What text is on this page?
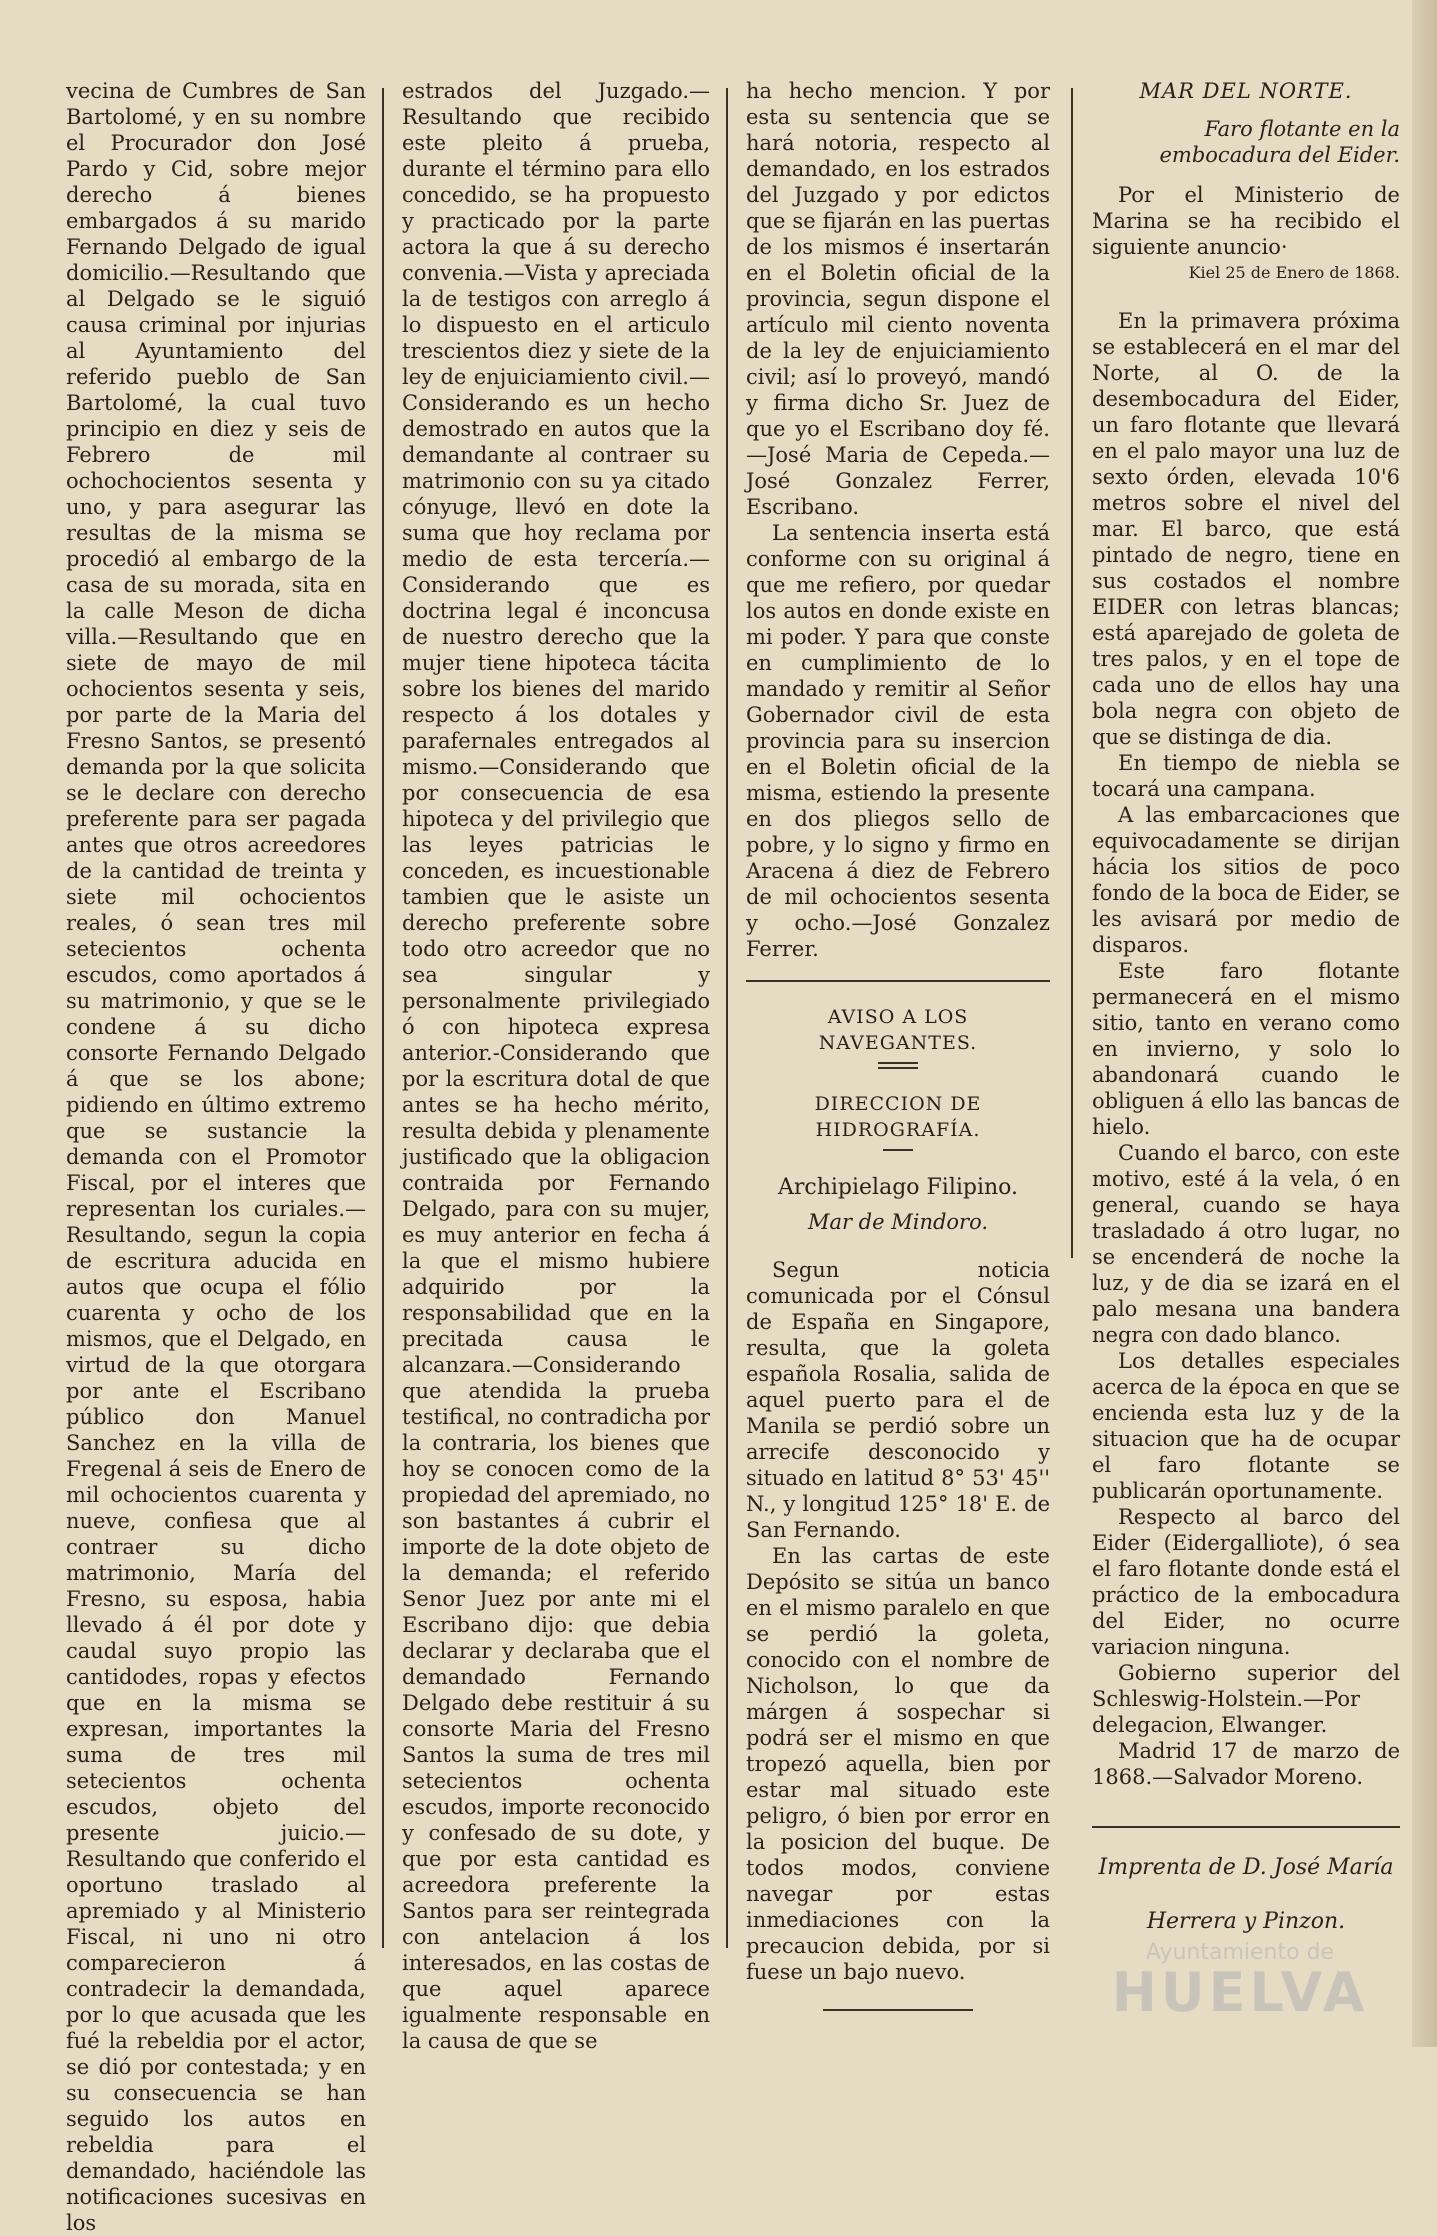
vecina de Cumbres de San Bartolomé, y en su nombre el Procurador don José Pardo y Cid, sobre mejor derecho á bienes embargados á su marido Fernando Delgado de igual domicilio.—Resultando que al Delgado se le siguió causa criminal por injurias al Ayuntamiento del referido pueblo de San Bartolomé, la cual tuvo principio en diez y seis de Febrero de mil ochochocientos sesenta y uno, y para asegurar las resultas de la misma se procedió al embargo de la casa de su morada, sita en la calle Meson de dicha villa.—Resultando que en siete de mayo de mil ochocientos sesenta y seis, por parte de la Maria del Fresno Santos, se presentó demanda por la que solicita se le declare con derecho preferente para ser pagada antes que otros acreedores de la cantidad de treinta y siete mil ochocientos reales, ó sean tres mil setecientos ochenta escudos, como aportados á su matrimonio, y que se le condene á su dicho consorte Fernando Delgado á que se los abone; pidiendo en último extremo que se sustancie la demanda con el Promotor Fiscal, por el interes que representan los curiales.—Resultando, segun la copia de escritura aducida en autos que ocupa el fólio cuarenta y ocho de los mismos, que el Delgado, en virtud de la que otorgara por ante el Escribano público don Manuel Sanchez en la villa de Fregenal á seis de Enero de mil ochocientos cuarenta y nueve, confiesa que al contraer su dicho matrimonio, María del Fresno, su esposa, habia llevado á él por dote y caudal suyo propio las cantidodes, ropas y efectos que en la misma se expresan, importantes la suma de tres mil setecientos ochenta escudos, objeto del presente juicio.—Resultando que conferido el oportuno traslado al apremiado y al Ministerio Fiscal, ni uno ni otro comparecieron á contradecir la demandada, por lo que acusada que les fué la rebeldia por el actor, se dió por contestada; y en su consecuencia se han seguido los autos en rebeldia para el demandado, haciéndole las notificaciones sucesivas en los

estrados del Juzgado.—Resultando que recibido este pleito á prueba, durante el término para ello concedido, se ha propuesto y practicado por la parte actora la que á su derecho convenia.—Vista y apreciada la de testigos con arreglo á lo dispuesto en el articulo trescientos diez y siete de la ley de enjuiciamiento civil.—Considerando es un hecho demostrado en autos que la demandante al contraer su matrimonio con su ya citado cónyuge, llevó en dote la suma que hoy reclama por medio de esta tercería.—Considerando que es doctrina legal é inconcusa de nuestro derecho que la mujer tiene hipoteca tácita sobre los bienes del marido respecto á los dotales y parafernales entregados al mismo.—Considerando que por consecuencia de esa hipoteca y del privilegio que las leyes patricias le conceden, es incuestionable tambien que le asiste un derecho preferente sobre todo otro acreedor que no sea singular y personalmente privilegiado ó con hipoteca expresa anterior.-Considerando que por la escritura dotal de que antes se ha hecho mérito, resulta debida y plenamente justificado que la obligacion contraida por Fernando Delgado, para con su mujer, es muy anterior en fecha á la que el mismo hubiere adquirido por la responsabilidad que en la precitada causa le alcanzara.—Considerando que atendida la prueba testifical, no contradicha por la contraria, los bienes que hoy se conocen como de la propiedad del apremiado, no son bastantes á cubrir el importe de la dote objeto de la demanda; el referido Senor Juez por ante mi el Escribano dijo: que debia declarar y declaraba que el demandado Fernando Delgado debe restituir á su consorte Maria del Fresno Santos la suma de tres mil setecientos ochenta escudos, importe reconocido y confesado de su dote, y que por esta cantidad es acreedora preferente la Santos para ser reintegrada con antelacion á los interesados, en las costas de que aquel aparece igualmente responsable en la causa de que se

ha hecho mencion. Y por esta su sentencia que se hará notoria, respecto al demandado, en los estrados del Juzgado y por edictos que se fijarán en las puertas de los mismos é insertarán en el Boletin oficial de la provincia, segun dispone el artículo mil ciento noventa de la ley de enjuiciamiento civil; así lo proveyó, mandó y firma dicho Sr. Juez de que yo el Escribano doy fé.—José Maria de Cepeda.—José Gonzalez Ferrer, Escribano.

La sentencia inserta está conforme con su original á que me refiero, por quedar los autos en donde existe en mi poder. Y para que conste en cumplimiento de lo mandado y remitir al Señor Gobernador civil de esta provincia para su insercion en el Boletin oficial de la misma, estiendo la presente en dos pliegos sello de pobre, y lo signo y firmo en Aracena á diez de Febrero de mil ochocientos sesenta y ocho.—José Gonzalez Ferrer.

AVISO A LOS NAVEGANTES.

DIRECCION DE HIDROGRAFÍA.

Archipielago Filipino.

Mar de Mindoro.

Segun noticia comunicada por el Cónsul de España en Singapore, resulta, que la goleta española Rosalia, salida de aquel puerto para el de Manila se perdió sobre un arrecife desconocido y situado en latitud 8° 53' 45'' N., y longitud 125° 18' E. de San Fernando.

En las cartas de este Depósito se sitúa un banco en el mismo paralelo en que se perdió la goleta, conocido con el nombre de Nicholson, lo que da márgen á sospechar si podrá ser el mismo en que tropezó aquella, bien por estar mal situado este peligro, ó bien por error en la posicion del buque. De todos modos, conviene navegar por estas inmediaciones con la precaucion debida, por si fuese un bajo nuevo.

MAR DEL NORTE.

Faro flotante en la embocadura del Eider.

Por el Ministerio de Marina se ha recibido el siguiente anuncio·

Kiel 25 de Enero de 1868.

En la primavera próxima se establecerá en el mar del Norte, al O. de la desembocadura del Eider, un faro flotante que llevará en el palo mayor una luz de sexto órden, elevada 10'6 metros sobre el nivel del mar. El barco, que está pintado de negro, tiene en sus costados el nombre EIDER con letras blancas; está aparejado de goleta de tres palos, y en el tope de cada uno de ellos hay una bola negra con objeto de que se distinga de dia.

En tiempo de niebla se tocará una campana.

A las embarcaciones que equivocadamente se dirijan hácia los sitios de poco fondo de la boca de Eider, se les avisará por medio de disparos.

Este faro flotante permanecerá en el mismo sitio, tanto en verano como en invierno, y solo lo abandonará cuando le obliguen á ello las bancas de hielo.

Cuando el barco, con este motivo, esté á la vela, ó en general, cuando se haya trasladado á otro lugar, no se encenderá de noche la luz, y de dia se izará en el palo mesana una bandera negra con dado blanco.

Los detalles especiales acerca de la época en que se encienda esta luz y de la situacion que ha de ocupar el faro flotante se publicarán oportunamente.

Respecto al barco del Eider (Eidergalliote), ó sea el faro flotante donde está el práctico de la embocadura del Eider, no ocurre variacion ninguna.

Gobierno superior del Schleswig-Holstein.—Por delegacion, Elwanger.

Madrid 17 de marzo de 1868.—Salvador Moreno.

Imprenta de D. José María

Herrera y Pinzon.

Ayuntamiento de
HUELVA
